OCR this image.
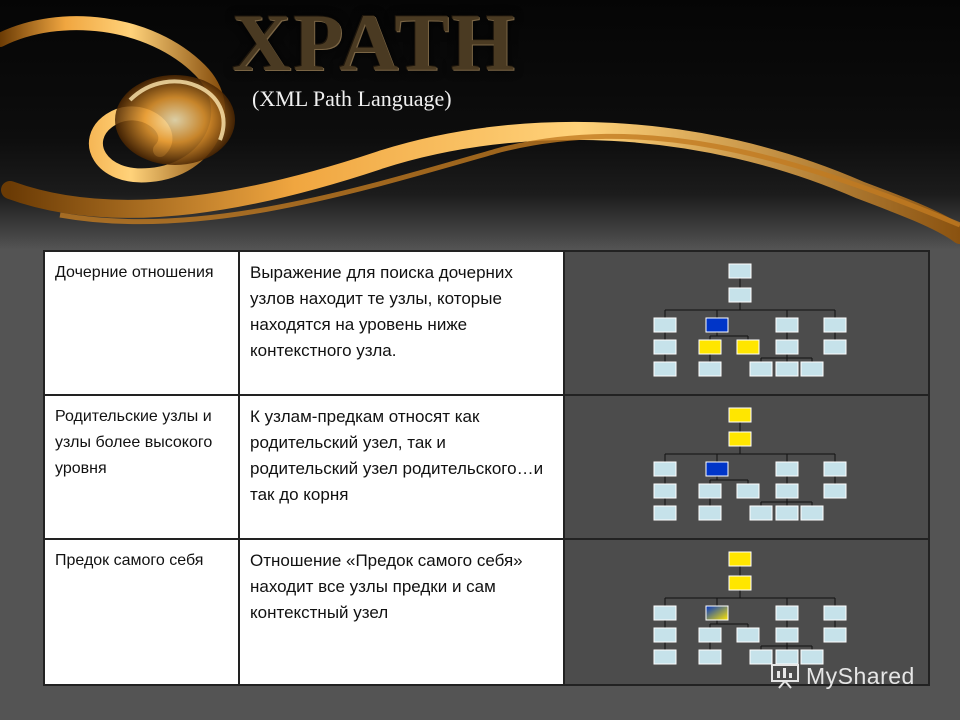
XPATH
(XML Path Language)
Дочерние отношения	Выражение для поиска дочерних узлов находит те узлы, которые находятся на уровень ниже контекстного узла.	

Родительские узлы и узлы более высокого уровня	К узлам-предкам относят как родительский узел, так и родительский узел родительского…и так до корня	

Предок самого себя	Отношение «Предок самого себя» находит все узлы предки и сам контекстный узел	
MyShared
